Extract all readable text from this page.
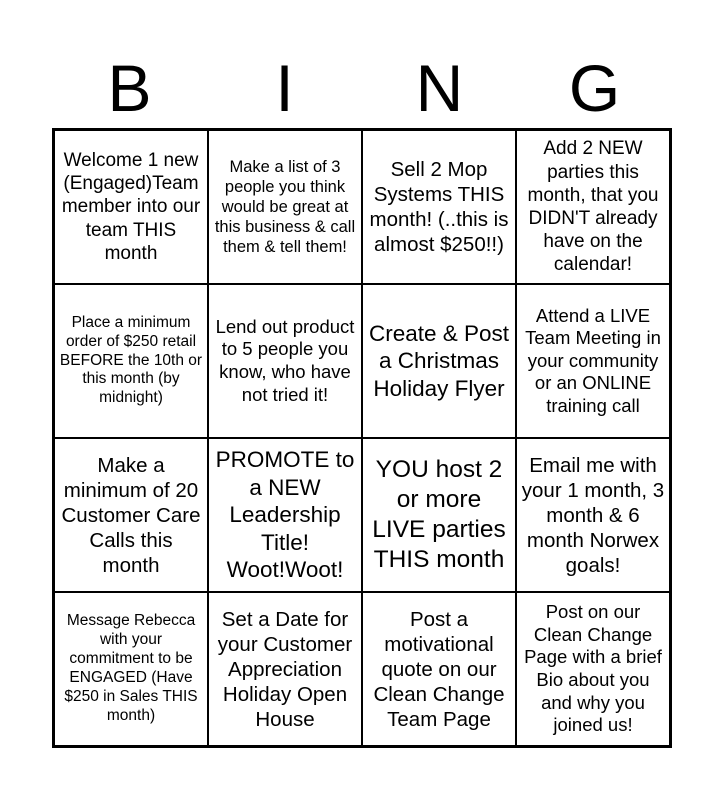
B	I	N	G
Welcome 1 new (Engaged)Team member into our team THIS month
Make a list of 3 people you think would be great at this business & call them & tell them!
Sell 2 Mop Systems THIS month! (..this is almost $250!!)
Add 2 NEW parties this month, that you DIDN'T already have on the calendar!
Place a minimum order of $250 retail BEFORE the 10th or this month (by midnight)
Lend out product to 5 people you know, who have not tried it!
Create & Post a Christmas Holiday Flyer
Attend a LIVE Team Meeting in your community or an ONLINE training call
Make a minimum of 20 Customer Care Calls this month
PROMOTE to a NEW Leadership Title! Woot!Woot!
YOU host 2 or more LIVE parties THIS month
Email me with your 1 month, 3 month & 6 month Norwex goals!
Message Rebecca with your commitment to be ENGAGED (Have $250 in Sales THIS month)
Set a Date for your Customer Appreciation Holiday Open House
Post a motivational quote on our Clean Change Team Page
Post on our Clean Change Page with a brief Bio about you and why you joined us!
